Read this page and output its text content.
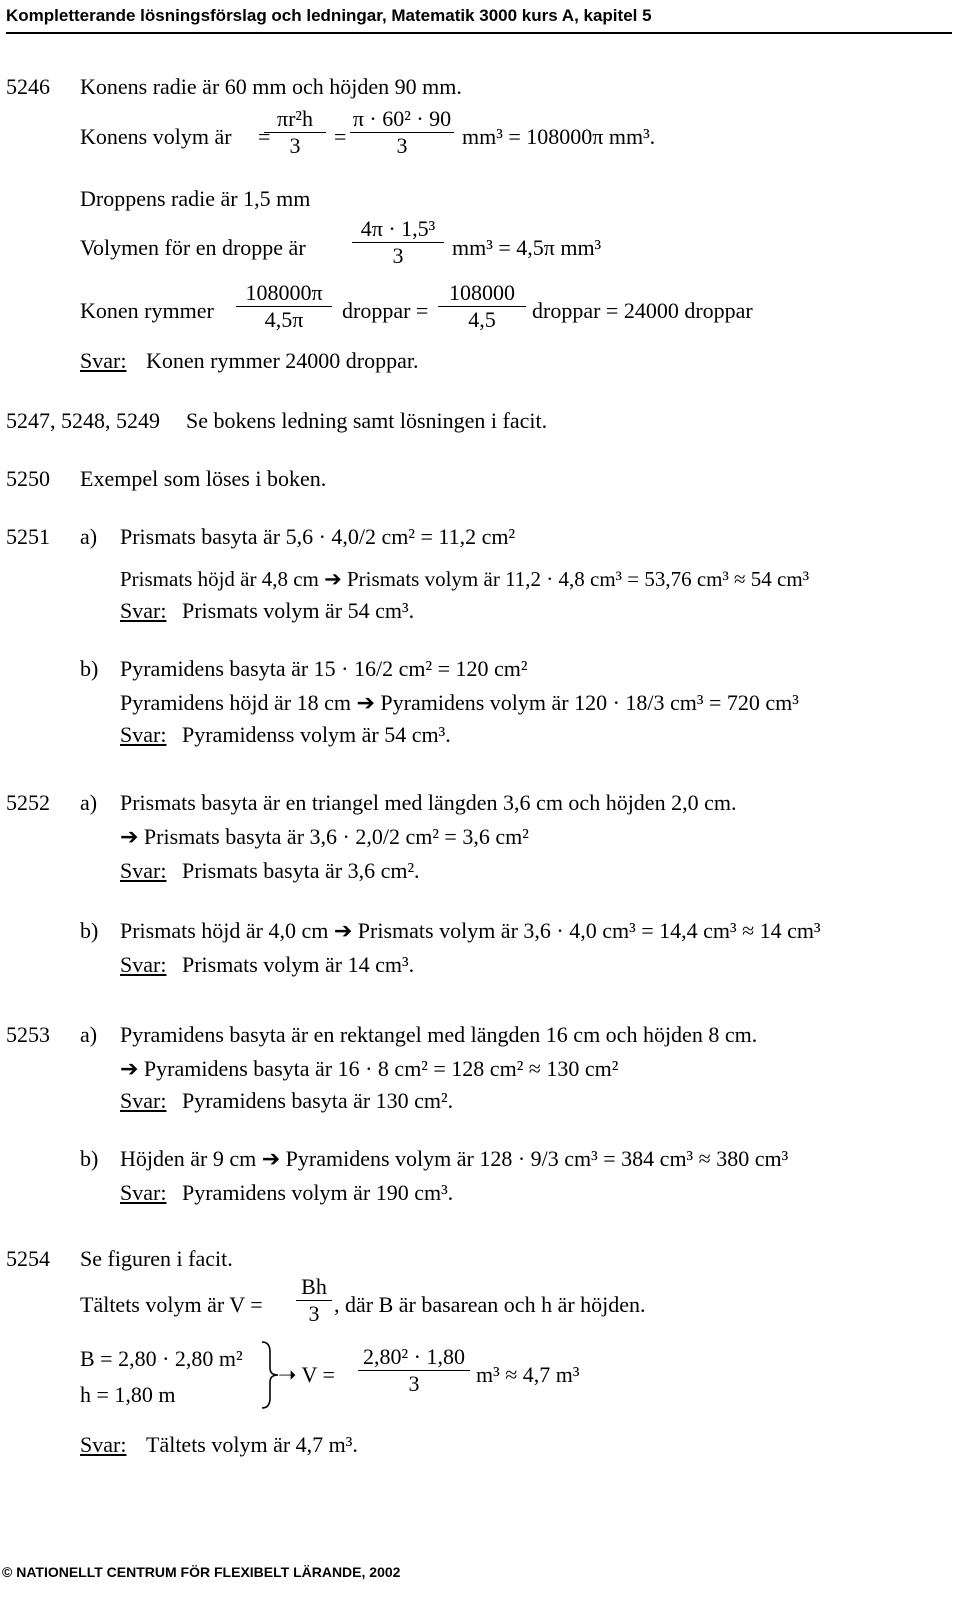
Kompletterande lösningsförslag och ledningar, Matematik 3000 kurs A, kapitel 5
5246 Konens radie är 60 mm och höjden 90 mm.
Konens volym är =
πr²h
3	=
π · 60² · 90
3	mm³ = 108000π mm³.
Droppens radie är 1,5 mm
Volymen för en droppe är
4π · 1,5³
3	mm³ = 4,5π mm³
Konen rymmer
108000π
4,5π	droppar =
108000
4,5	droppar = 24000 droppar
Svar: Konen rymmer 24000 droppar.
5247, 5248, 5249 Se bokens ledning samt lösningen i facit.
5250 Exempel som löses i boken.
5251 a) Prismats basyta är 5,6 · 4,0/2 cm² = 11,2 cm²
Prismats höjd är 4,8 cm ➔ Prismats volym är 11,2 · 4,8 cm³ = 53,76 cm³ ≈ 54 cm³
Svar: Prismats volym är 54 cm³.
b) Pyramidens basyta är 15 · 16/2 cm² = 120 cm²
Pyramidens höjd är 18 cm ➔ Pyramidens volym är 120 · 18/3 cm³ = 720 cm³
Svar: Pyramidenss volym är 54 cm³.
5252 a) Prismats basyta är en triangel med längden 3,6 cm och höjden 2,0 cm.
➔ Prismats basyta är 3,6 · 2,0/2 cm² = 3,6 cm²
Svar: Prismats basyta är 3,6 cm².
b) Prismats höjd är 4,0 cm ➔ Prismats volym är 3,6 · 4,0 cm³ = 14,4 cm³ ≈ 14 cm³
Svar: Prismats volym är 14 cm³.
5253 a) Pyramidens basyta är en rektangel med längden 16 cm och höjden 8 cm.
➔ Pyramidens basyta är 16 · 8 cm² = 128 cm² ≈ 130 cm²
Svar: Pyramidens basyta är 130 cm².
b) Höjden är 9 cm ➔ Pyramidens volym är 128 · 9/3 cm³ = 384 cm³ ≈ 380 cm³
Svar: Pyramidens volym är 190 cm³.
5254 Se figuren i facit.
Tältets volym är V =
Bh
3 , där B är basarean och h är höjden.
B = 2,80 · 2,80 m²
h = 1,80 m
➝ V =
2,80² · 1,80
3	m³ ≈ 4,7 m³
Svar: Tältets volym är 4,7 m³.
© NATIONELLT CENTRUM FÖR FLEXIBELT LÄRANDE, 2002
